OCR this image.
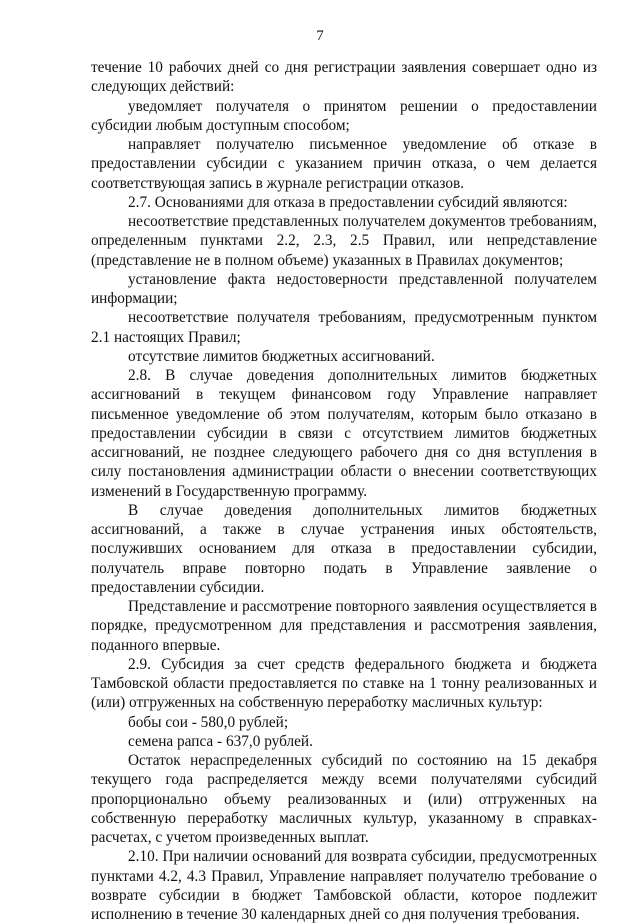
7

течение 10 рабочих дней со дня регистрации заявления совершает одно из следующих действий:

уведомляет получателя о принятом решении о предоставлении субсидии любым доступным способом;

направляет получателю письменное уведомление об отказе в предоставлении субсидии с указанием причин отказа, о чем делается соответствующая запись в журнале регистрации отказов.

2.7. Основаниями для отказа в предоставлении субсидий являются:

несоответствие представленных получателем документов требованиям, определенным пунктами 2.2, 2.3, 2.5 Правил, или непредставление (представление не в полном объеме) указанных в Правилах документов;

установление факта недостоверности представленной получателем информации;

несоответствие получателя требованиям, предусмотренным пунктом 2.1 настоящих Правил;

отсутствие лимитов бюджетных ассигнований.

2.8. В случае доведения дополнительных лимитов бюджетных ассигнований в текущем финансовом году Управление направляет письменное уведомление об этом получателям, которым было отказано в предоставлении субсидии в связи с отсутствием лимитов бюджетных ассигнований, не позднее следующего рабочего дня со дня вступления в силу постановления администрации области о внесении соответствующих изменений в Государственную программу.

В случае доведения дополнительных лимитов бюджетных ассигнований, а также в случае устранения иных обстоятельств, послуживших основанием для отказа в предоставлении субсидии, получатель вправе повторно подать в Управление заявление о предоставлении субсидии.

Представление и рассмотрение повторного заявления осуществляется в порядке, предусмотренном для представления и рассмотрения заявления, поданного впервые.

2.9. Субсидия за счет средств федерального бюджета и бюджета Тамбовской области предоставляется по ставке на 1 тонну реализованных и (или) отгруженных на собственную переработку масличных культур:

бобы сои - 580,0 рублей;

семена рапса - 637,0 рублей.

Остаток нераспределенных субсидий по состоянию на 15 декабря текущего года распределяется между всеми получателями субсидий пропорционально объему реализованных и (или) отгруженных на собственную переработку масличных культур, указанному в справках-расчетах, с учетом произведенных выплат.

2.10. При наличии оснований для возврата субсидии, предусмотренных пунктами 4.2, 4.3 Правил, Управление направляет получателю требование о возврате субсидии в бюджет Тамбовской области, которое подлежит исполнению в течение 30 календарных дней со дня получения требования.
